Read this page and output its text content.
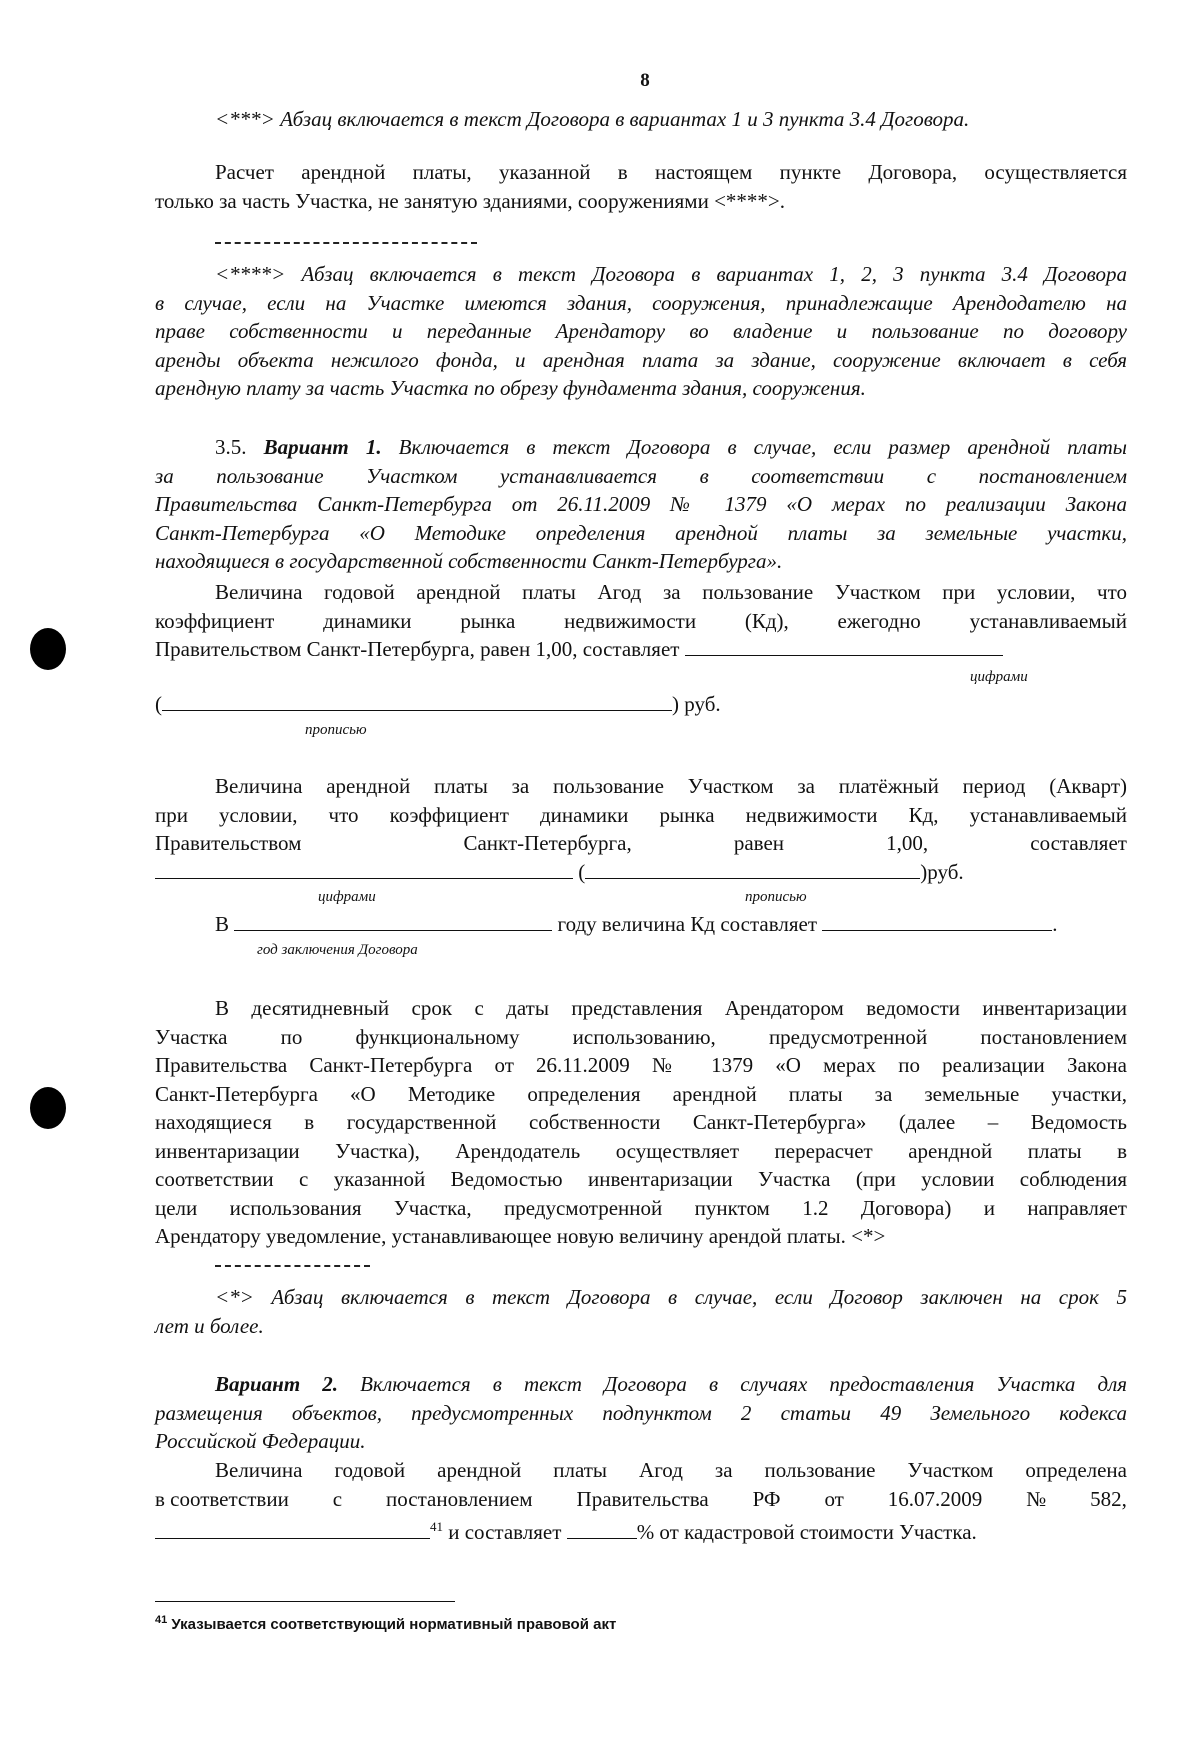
8
<***> Абзац включается в текст Договора в вариантах 1 и 3 пункта 3.4 Договора.

Расчет арендной платы, указанной в настоящем пункте Договора, осуществляется

только за часть Участка, не занятую зданиями, сооружениями <****>.

<****> Абзац включается в текст Договора в вариантах 1, 2, 3 пункта 3.4 Договора

в случае, если на Участке имеются здания, сооружения, принадлежащие Арендодателю на

праве собственности и переданные Арендатору во владение и пользование по договору

аренды объекта нежилого фонда, и арендная плата за здание, сооружение включает в себя

арендную плату за часть Участка по обрезу фундамента здания, сооружения.

3.5. Вариант 1. Включается в текст Договора в случае, если размер арендной платы

за пользование Участком устанавливается в соответствии с постановлением

Правительства Санкт-Петербурга от 26.11.2009 № 1379 «О мерах по реализации Закона

Санкт-Петербурга «О Методике определения арендной платы за земельные участки,

находящиеся в государственной собственности Санкт-Петербурга».

Величина годовой арендной платы Агод за пользование Участком при условии, что

коэффициент динамики рынка недвижимости (Кд), ежегодно устанавливаемый

Правительством Санкт-Петербурга, равен 1,00, составляет

цифрами
(	) руб.
прописью

Величина арендной платы за пользование Участком за платёжный период (Акварт)

при условии, что коэффициент динамики рынка недвижимости Кд, устанавливаемый

Правительством	Санкт-Петербурга,	равен	1,00,	составляет

(	)руб.
цифрами	прописью
В	году величина Кд составляет	.
год заключения Договора

В десятидневный срок с даты представления Арендатором ведомости инвентаризации

Участка по функциональному использованию, предусмотренной постановлением

Правительства Санкт-Петербурга от 26.11.2009 № 1379 «О мерах по реализации Закона

Санкт-Петербурга «О Методике определения арендной платы за земельные участки,

находящиеся в государственной собственности Санкт-Петербурга» (далее – Ведомость

инвентаризации Участка), Арендодатель осуществляет перерасчет арендной платы в

соответствии с указанной Ведомостью инвентаризации Участка (при условии соблюдения

цели использования Участка, предусмотренной пунктом 1.2 Договора) и направляет

Арендатору уведомление, устанавливающее новую величину арендой платы. <*>

<*> Абзац включается в текст Договора в случае, если Договор заключен на срок 5

лет и более.

Вариант 2. Включается в текст Договора в случаях предоставления Участка для

размещения объектов, предусмотренных подпунктом 2 статьи 49 Земельного кодекса

Российской Федерации.

Величина годовой арендной платы Агод за пользование Участком определена

в соответствии с постановлением Правительства РФ от 16.07.2009 № 582,

$^{41}$ и составляет	% от кадастровой стоимости Участка.

$^{41}$ Указывается соответствующий нормативный правовой акт
